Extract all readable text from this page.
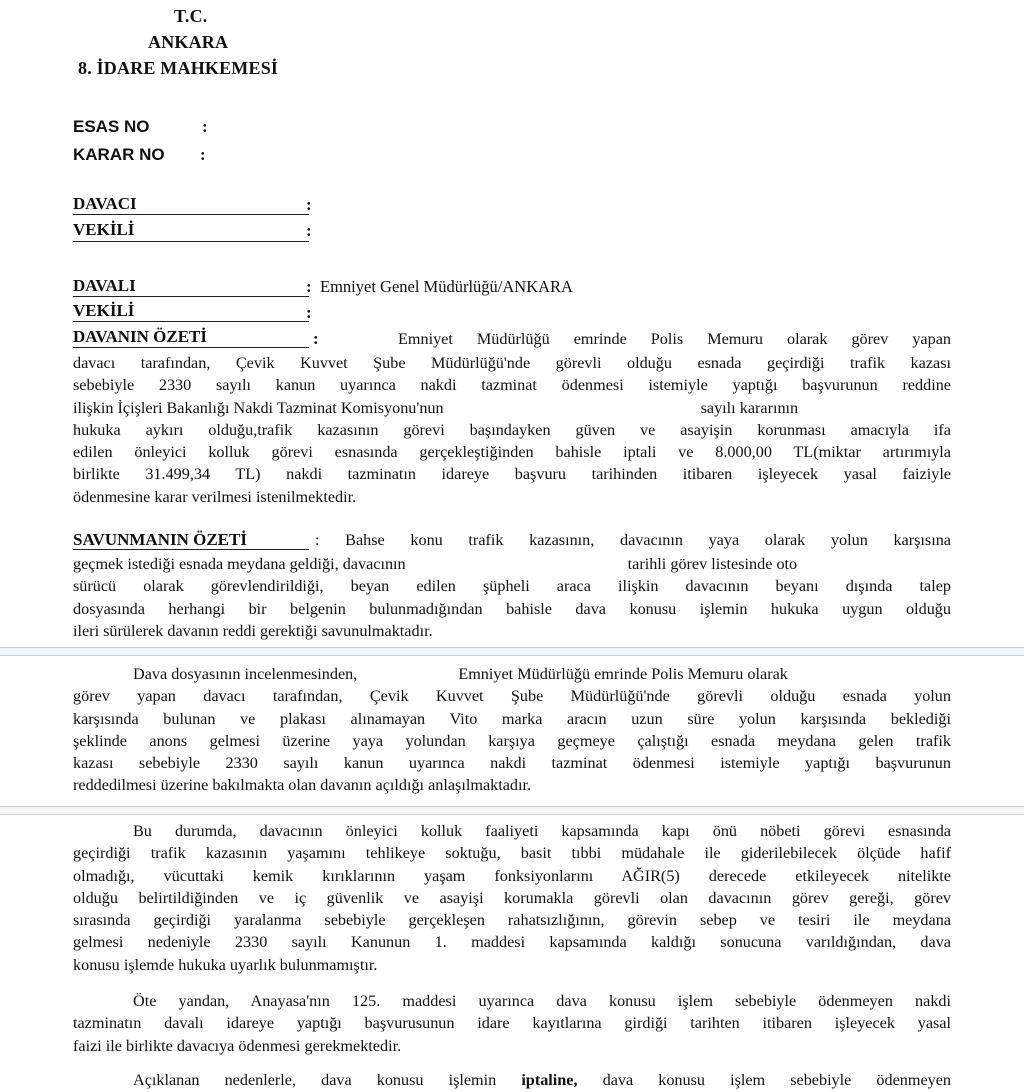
T.C.
ANKARA
8. İDARE MAHKEMESİ
ESAS NO	:
KARAR NO :
DAVACI	:
VEKİLİ	:
DAVALI	: Emniyet Genel Müdürlüğü/ANKARA
VEKİLİ	:
DAVANIN ÖZETİ	:	Emniyet Müdürlüğü emrinde Polis Memuru olarak görev yapan
davacı tarafından, Çevik Kuvvet Şube Müdürlüğü'nde görevli olduğu esnada geçirdiği trafik kazası
sebebiyle 2330 sayılı kanun uyarınca nakdi tazminat ödenmesi istemiyle yaptığı başvurunun reddine
ilişkin İçişleri Bakanlığı Nakdi Tazminat Komisyonu'nun	sayılı kararının
hukuka aykırı olduğu,trafik kazasının görevi başındayken güven ve asayişin korunması amacıyla ifa
edilen önleyici kolluk görevi esnasında gerçekleştiğinden bahisle iptali ve 8.000,00 TL(miktar artırımıyla
birlikte 31.499,34 TL) nakdi tazminatın idareye başvuru tarihinden itibaren işleyecek yasal faiziyle
ödenmesine karar verilmesi istenilmektedir.
SAVUNMANIN ÖZETİ	: Bahse konu trafik kazasının, davacının yaya olarak yolun karşısına
geçmek istediği esnada meydana geldiği, davacının	tarihli görev listesinde oto
sürücü olarak görevlendirildiği, beyan edilen şüpheli araca ilişkin davacının beyanı dışında talep
dosyasında herhangi bir belgenin bulunmadığından bahisle dava konusu işlemin hukuka uygun olduğu
ileri sürülerek davanın reddi gerektiği savunulmaktadır.
Dava dosyasının incelenmesinden,	Emniyet Müdürlüğü emrinde Polis Memuru olarak
görev yapan davacı tarafından, Çevik Kuvvet Şube Müdürlüğü'nde görevli olduğu esnada yolun
karşısında bulunan ve plakası alınamayan Vito marka aracın uzun süre yolun karşısında beklediği
şeklinde anons gelmesi üzerine yaya yolundan karşıya geçmeye çalıştığı esnada meydana gelen trafik
kazası sebebiyle 2330 sayılı kanun uyarınca nakdi tazminat ödenmesi istemiyle yaptığı başvurunun
reddedilmesi üzerine bakılmakta olan davanın açıldığı anlaşılmaktadır.
Bu durumda, davacının önleyici kolluk faaliyeti kapsamında kapı önü nöbeti görevi esnasında
geçirdiği trafik kazasının yaşamını tehlikeye soktuğu, basit tıbbi müdahale ile giderilebilecek ölçüde hafif
olmadığı, vücuttaki kemik kırıklarının yaşam fonksiyonlarını AĞIR(5) derecede etkileyecek nitelikte
olduğu belirtildiğinden ve iç güvenlik ve asayişi korumakla görevli olan davacının görev gereği, görev
sırasında geçirdiği yaralanma sebebiyle gerçekleşen rahatsızlığının, görevin sebep ve tesiri ile meydana
gelmesi nedeniyle 2330 sayılı Kanunun 1. maddesi kapsamında kaldığı sonucuna varıldığından, dava
konusu işlemde hukuka uyarlık bulunmamıştır.
Öte yandan, Anayasa'nın 125. maddesi uyarınca dava konusu işlem sebebiyle ödenmeyen nakdi
tazminatın davalı idareye yaptığı başvurusunun idare kayıtlarına girdiği tarihten itibaren işleyecek yasal
faizi ile birlikte davacıya ödenmesi gerekmektedir.
Açıklanan nedenlerle, dava konusu işlemin iptaline, dava konusu işlem sebebiyle ödenmeyen
